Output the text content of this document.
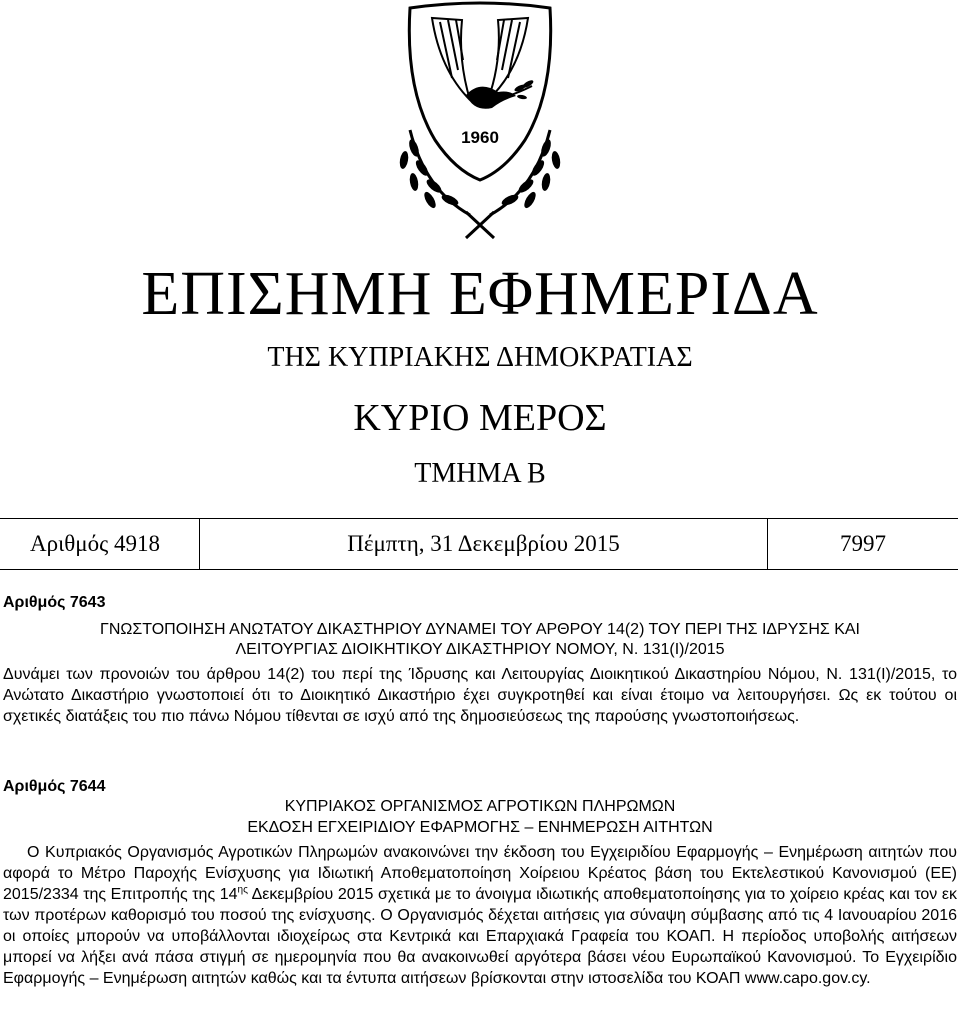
1960
ΕΠΙΣΗΜΗ ΕΦΗΜΕΡΙΔΑ
ΤΗΣ ΚΥΠΡΙΑΚΗΣ ΔΗΜΟΚΡΑΤΙΑΣ
ΚΥΡΙΟ ΜΕΡΟΣ
ΤΜΗΜΑ Β
Αριθμός 4918	Πέμπτη, 31 Δεκεμβρίου 2015	7997
Αριθμός 7643
ΓΝΩΣΤΟΠΟΙΗΣΗ ΑΝΩΤΑΤΟΥ ΔΙΚΑΣΤΗΡΙΟΥ ΔΥΝΑΜΕΙ ΤΟΥ ΑΡΘΡΟΥ 14(2) ΤΟΥ ΠΕΡΙ ΤΗΣ ΙΔΡΥΣΗΣ ΚΑΙ
ΛΕΙΤΟΥΡΓΙΑΣ ΔΙΟΙΚΗΤΙΚΟΥ ΔΙΚΑΣΤΗΡΙΟΥ ΝΟΜΟΥ, Ν. 131(Ι)/2015
Δυνάμει των προνοιών του άρθρου 14(2) του περί της Ίδρυσης και Λειτουργίας Διοικητικού Δικαστηρίου Νόμου, Ν. 131(Ι)/2015, το Ανώτατο Δικαστήριο γνωστοποιεί ότι το Διοικητικό Δικαστήριο έχει συγκροτηθεί και είναι έτοιμο να λειτουργήσει. Ως εκ τούτου οι σχετικές διατάξεις του πιο πάνω Νόμου τίθενται σε ισχύ από της δημοσιεύσεως της παρούσης γνωστοποιήσεως.
Αριθμός 7644
ΚΥΠΡΙΑΚΟΣ ΟΡΓΑΝΙΣΜΟΣ ΑΓΡΟΤΙΚΩΝ ΠΛΗΡΩΜΩΝ
ΕΚΔΟΣΗ ΕΓΧΕΙΡΙΔΙΟΥ ΕΦΑΡΜΟΓΗΣ – ΕΝΗΜΕΡΩΣΗ ΑΙΤΗΤΩΝ
Ο Κυπριακός Οργανισμός Αγροτικών Πληρωμών ανακοινώνει την έκδοση του Εγχειριδίου Εφαρμογής – Ενημέρωση αιτητών που αφορά το Μέτρο Παροχής Ενίσχυσης για Ιδιωτική Αποθεματοποίηση Χοίρειου Κρέατος βάση του Εκτελεστικού Κανονισμού (ΕΕ) 2015/2334 της Επιτροπής της $14^{\eta\varsigma}$ Δεκεμβρίου 2015 σχετικά με το άνοιγμα ιδιωτικής αποθεματοποίησης για το χοίρειο κρέας και τον εκ των προτέρων καθορισμό του ποσού της ενίσχυσης. Ο Οργανισμός δέχεται αιτήσεις για σύναψη σύμβασης από τις 4 Ιανουαρίου 2016 οι οποίες μπορούν να υποβάλλονται ιδιοχείρως στα Κεντρικά και Επαρχιακά Γραφεία του ΚΟΑΠ. Η περίοδος υποβολής αιτήσεων μπορεί να λήξει ανά πάσα στιγμή σε ημερομηνία που θα ανακοινωθεί αργότερα βάσει νέου Ευρωπαϊκού Κανονισμού. Το Εγχειρίδιο Εφαρμογής – Ενημέρωση αιτητών καθώς και τα έντυπα αιτήσεων βρίσκονται στην ιστοσελίδα του ΚΟΑΠ www.capo.gov.cy.
